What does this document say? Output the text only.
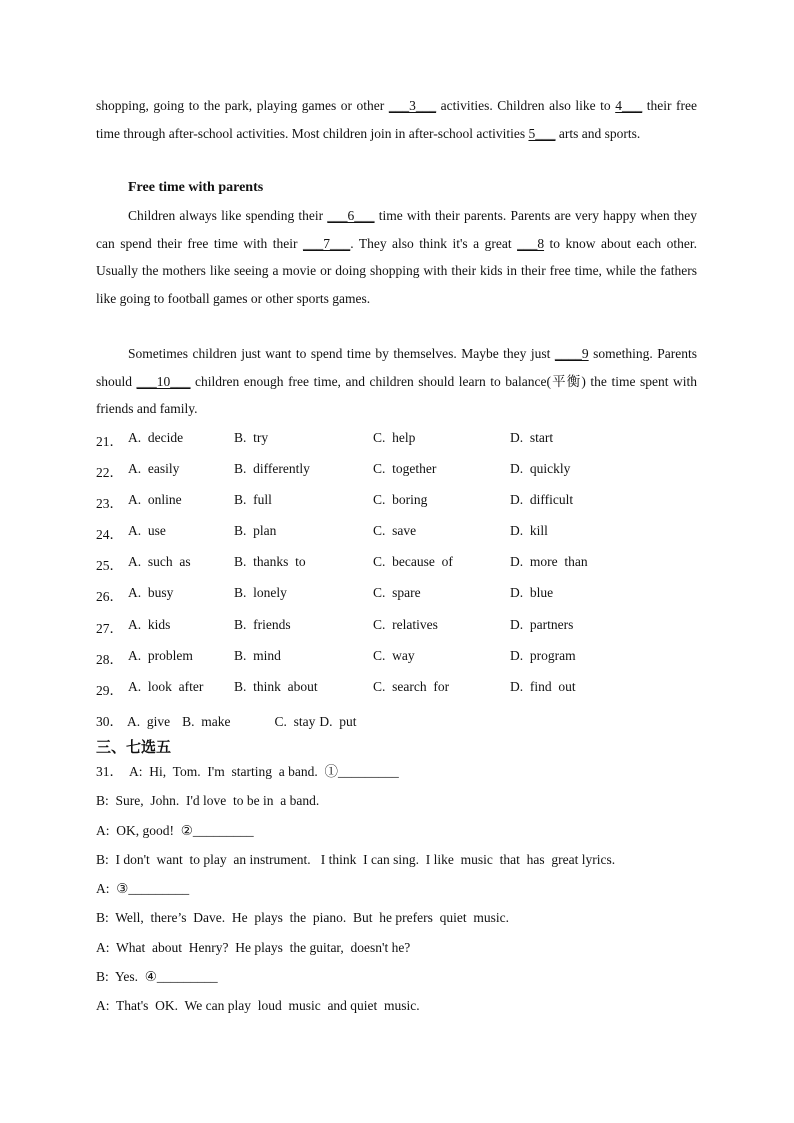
shopping, going to the park, playing games or other ___3___ activities. Children also like to 4___ their free time through after-school activities. Most children join in after-school activities 5___ arts and sports.

Free time with parents

Children always like spending their ___6___ time with their parents. Parents are very happy when they can spend their free time with their ___7___. They also think it's a great ___8 to know about each other. Usually the mothers like seeing a movie or doing shopping with their kids in their free time, while the fathers like going to football games or other sports games.

Sometimes children just want to spend time by themselves. Maybe they just ____9 something. Parents should ___10___ children enough free time, and children should learn to balance(平衡) the time spent with friends and family.

21． A.  decide	B.  try	C.  help	D.  start
22． A.  easily	B.  differently	C.  together	D.  quickly
23． A.  online	B.  full	C.  boring	D.  difficult
24． A.  use	B.  plan	C.  save	D.  kill
25． A.  such  as	B.  thanks  to	C.  because  of	D.  more  than
26． A.  busy	B.  lonely	C.  spare	D.  blue
27． A.  kids	B.  friends	C.  relatives	D.  partners
28． A.  problem	B.  mind	C.  way	D.  program
29． A.  look  after B.  think  about	C.  search  for	D.  find  out
30． A.  give B.  make	C.  stay D.  put

三、七选五

31．  A:  Hi,  Tom.  I'm  starting  a band.  ①_________
B:  Sure,  John.  I'd love  to be in  a band.
A:  OK, good!  ②_________
B:  I don't  want  to play  an instrument.   I think  I can sing.  I like  music  that  has  great lyrics.
A:  ③_________
B:  Well,  there’s  Dave.  He  plays  the  piano.  But  he prefers  quiet  music.
A:  What  about  Henry?  He plays  the guitar,  doesn't he?
B:  Yes.  ④_________
A:  That's  OK.  We can play  loud  music  and quiet  music.
